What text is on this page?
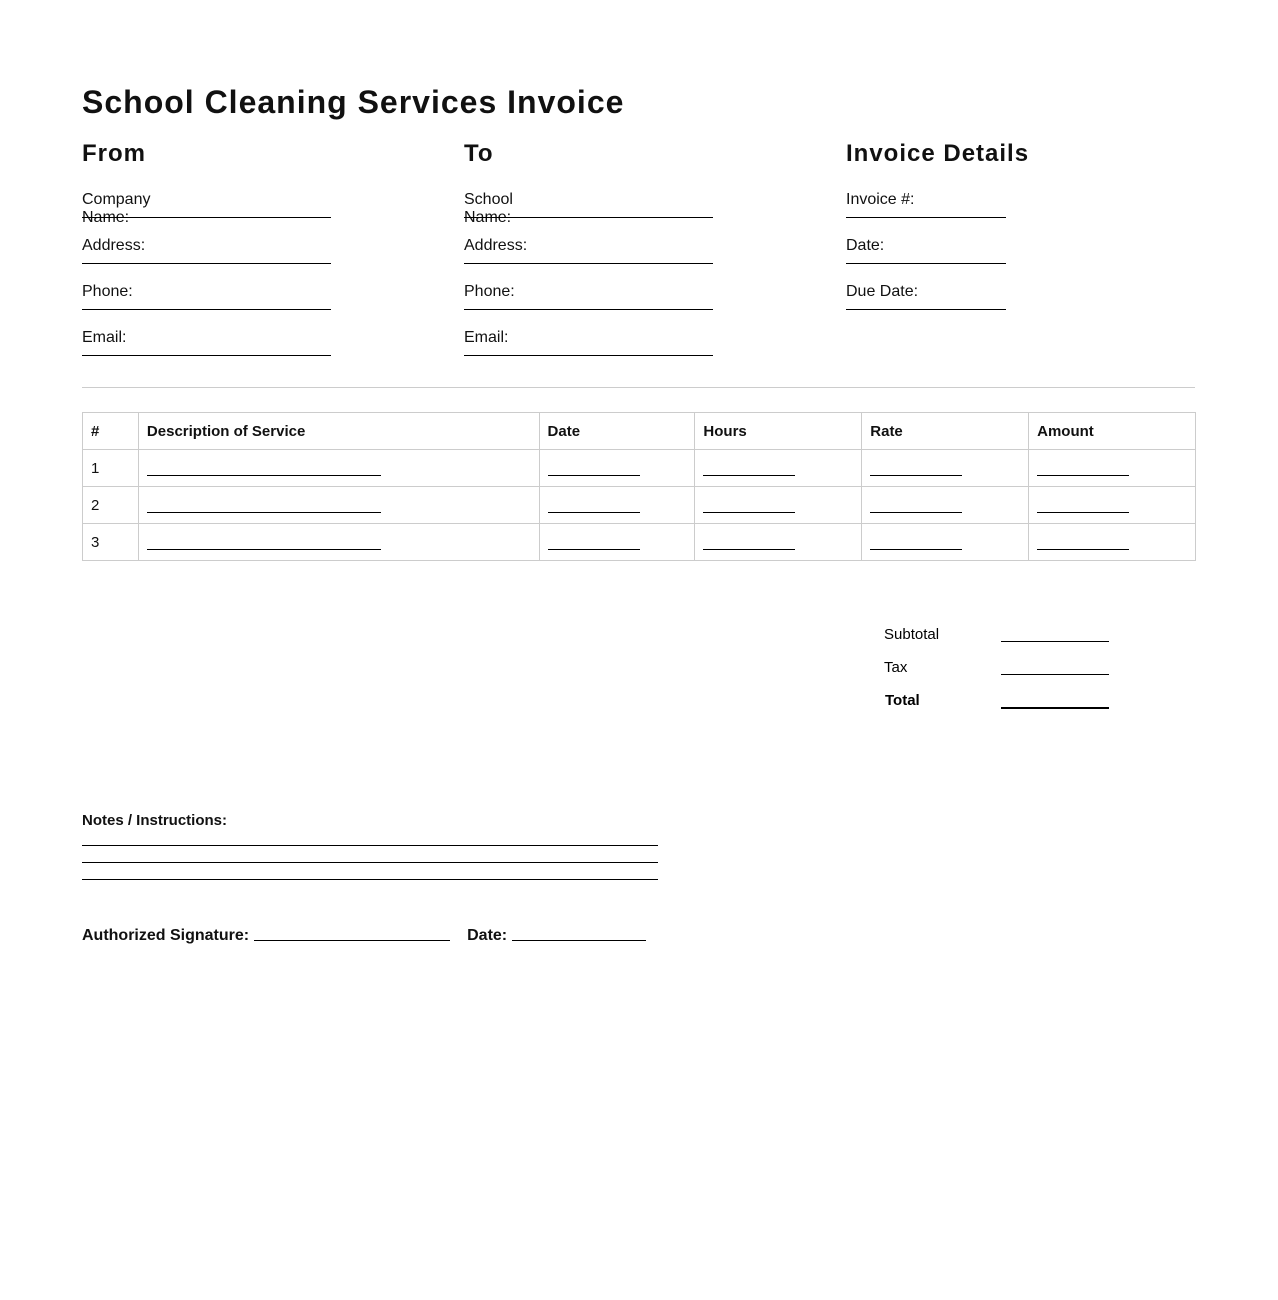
School Cleaning Services Invoice
From
Company Name:
Address:
Phone:
Email:
To
School Name:
Address:
Phone:
Email:
Invoice Details
Invoice #:
Date:
Due Date:
#	Description of Service	Date	Hours	Rate	Amount
1					
2					
3					
Subtotal
Tax
Total
Notes / Instructions:
Authorized Signature:	Date:
